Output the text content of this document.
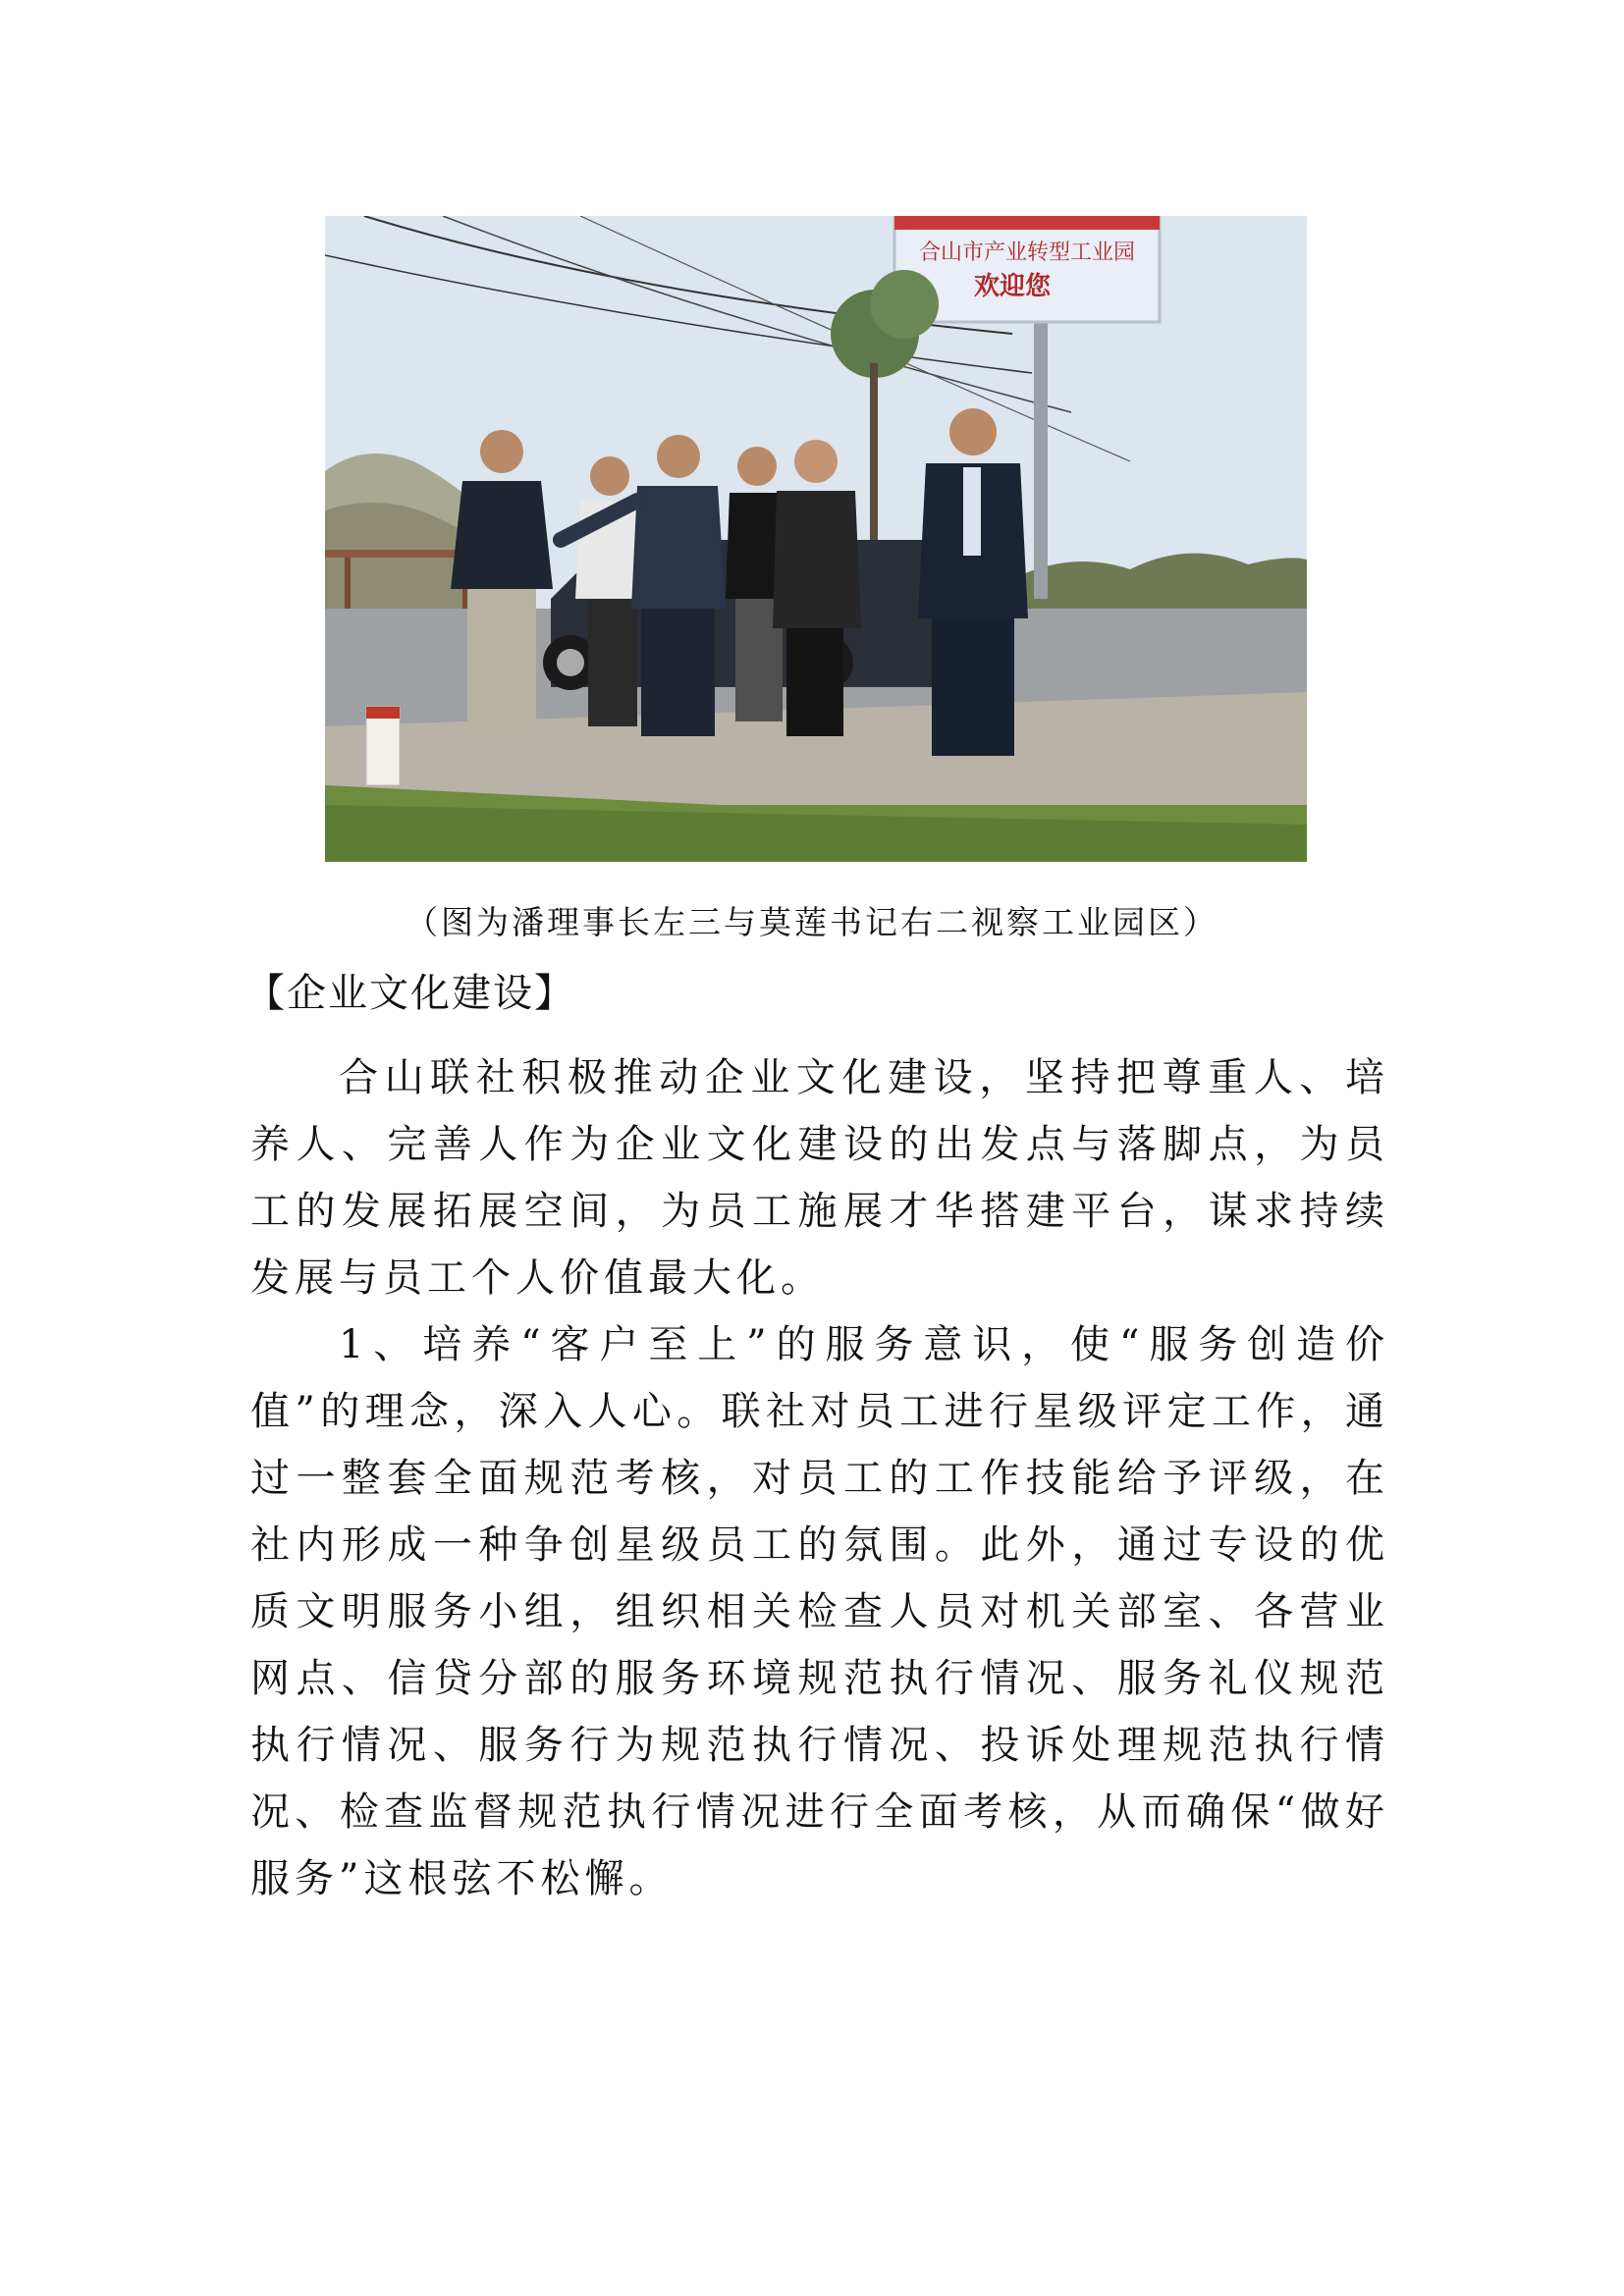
合山市产业转型工业园
欢迎您
（图为潘理事长左三与莫莲书记右二视察工业园区）
【企业文化建设】

合山联社积极推动企业文化建设，坚持把尊重人、培养人、完善人作为企业文化建设的出发点与落脚点，为员工的发展拓展空间，为员工施展才华搭建平台，谋求持续发展与员工个人价值最大化。

1、培养“客户至上”的服务意识，使“服务创造价值”的理念，深入人心。联社对员工进行星级评定工作，通过一整套全面规范考核，对员工的工作技能给予评级，在社内形成一种争创星级员工的氛围。此外，通过专设的优质文明服务小组，组织相关检查人员对机关部室、各营业网点、信贷分部的服务环境规范执行情况、服务礼仪规范执行情况、服务行为规范执行情况、投诉处理规范执行情况、检查监督规范执行情况进行全面考核，从而确保“做好服务”这根弦不松懈。
